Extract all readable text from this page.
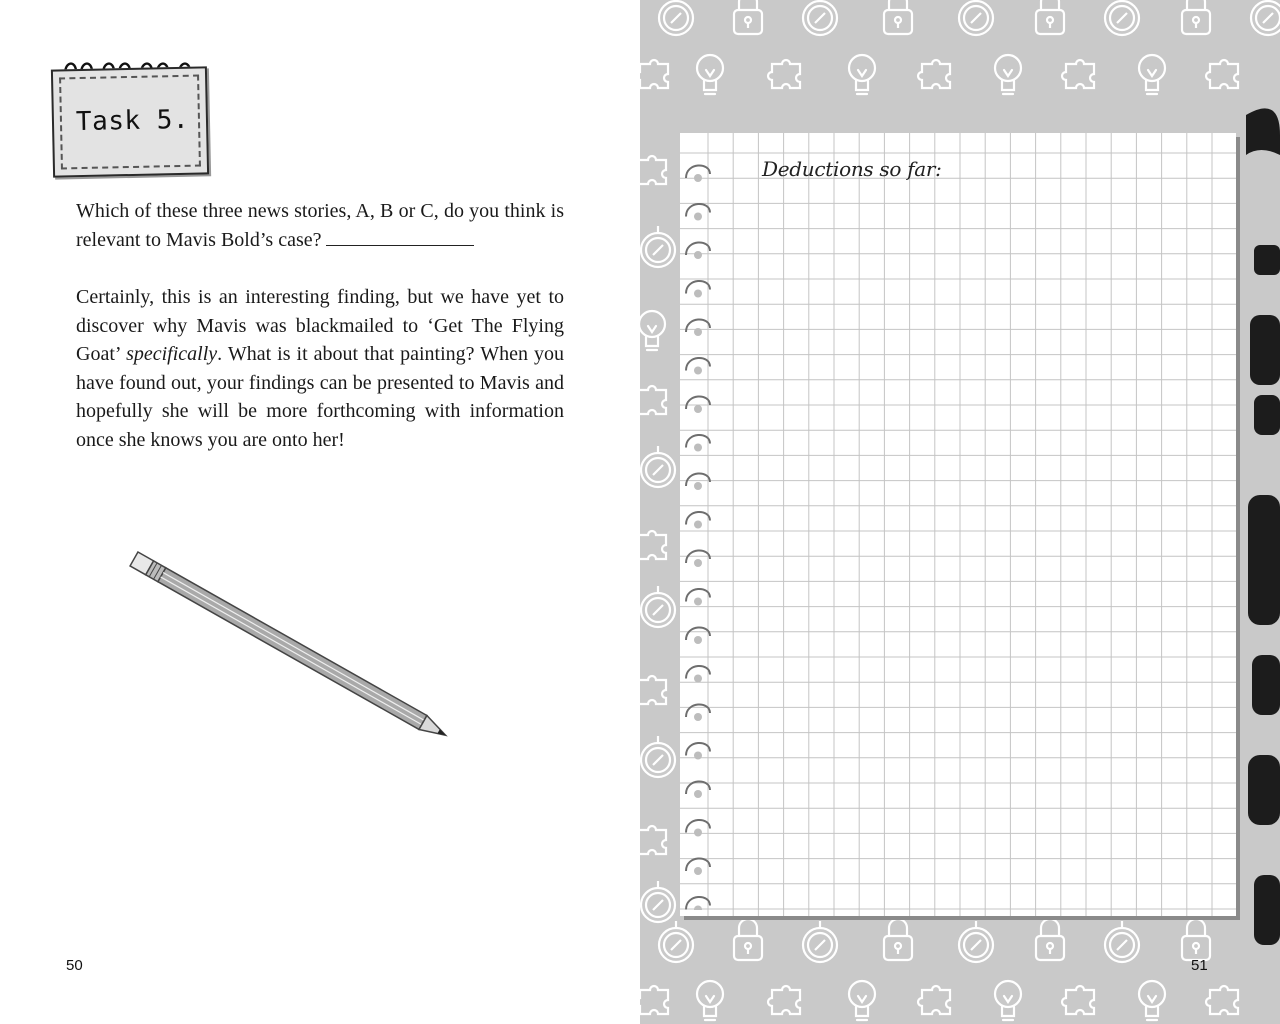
Task 5.

Which of these three news stories, A, B or C, do you think is relevant to Mavis Bold’s case?

Certainly, this is an interesting finding, but we have yet to discover why Mavis was blackmailed to ‘Get The Flying Goat’ specifically. What is it about that painting? When you have found out, your findings can be presented to Mavis and hopefully she will be more forthcoming with information once she knows you are onto her!

50
Deductions so far:
51
